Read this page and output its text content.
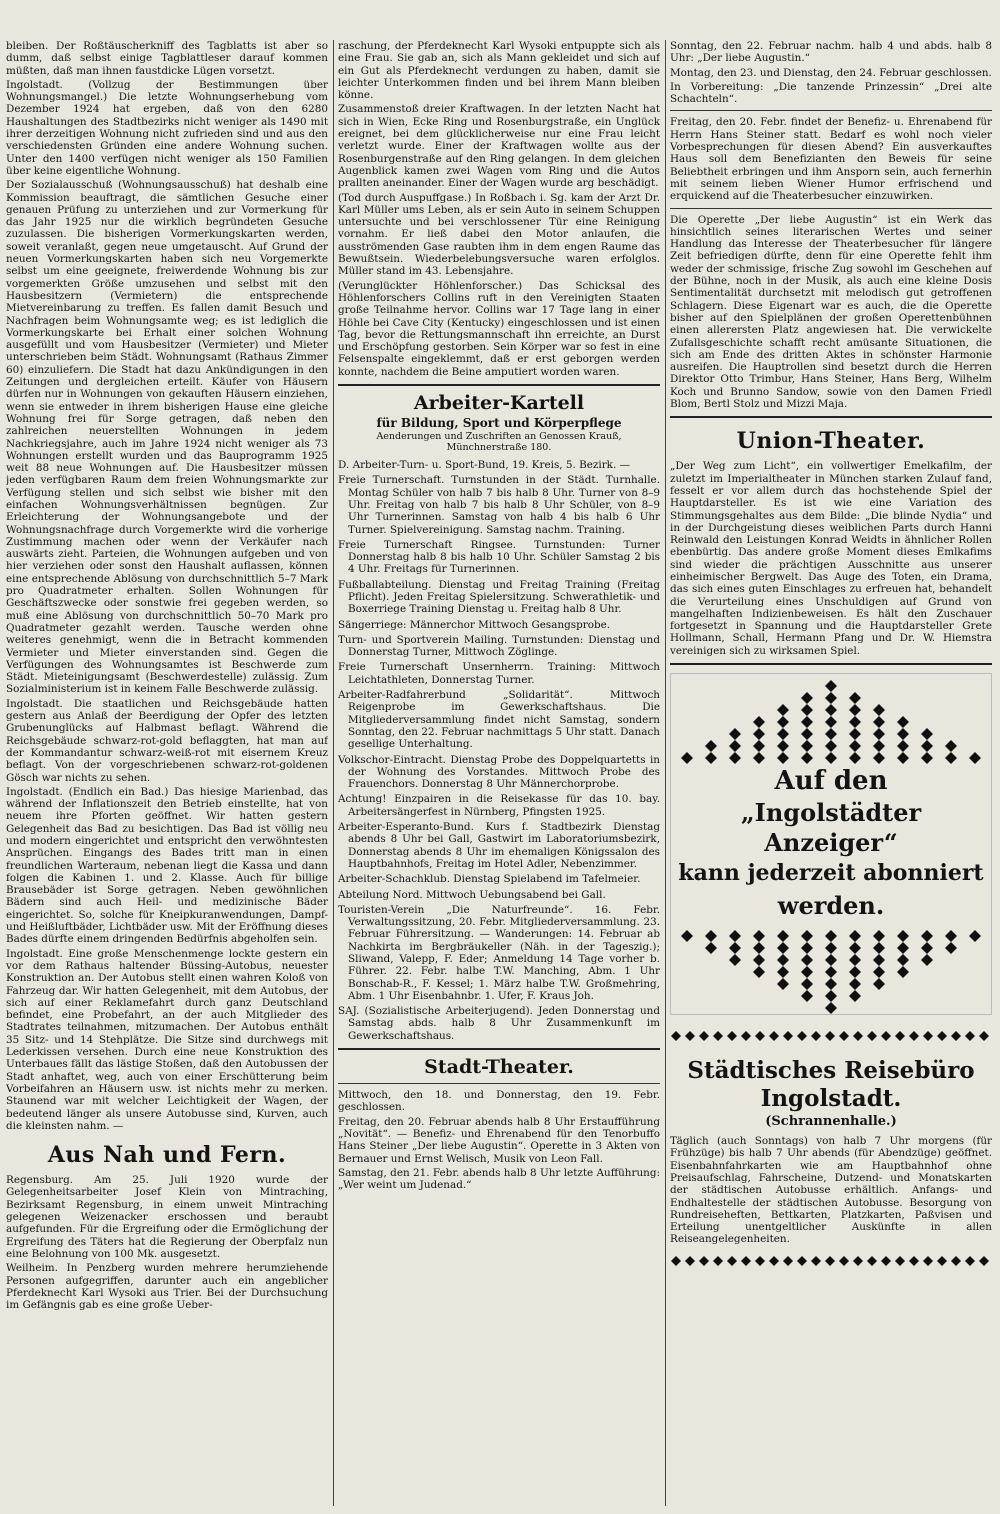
bleiben. Der Roßtäuscherkniff des Tagblatts ist aber so dumm, daß selbst einige Tagblattleser darauf kommen müßten, daß man ihnen faustdicke Lügen vorsetzt.

Ingolstadt. (Vollzug der Bestimmungen über Wohnungsmangel.) Die letzte Wohnungserhebung vom Dezember 1924 hat ergeben, daß von den 6280 Haushaltungen des Stadtbezirks nicht weniger als 1490 mit ihrer derzeitigen Wohnung nicht zufrieden sind und aus den verschiedensten Gründen eine andere Wohnung suchen. Unter den 1400 verfügen nicht weniger als 150 Familien über keine eigentliche Wohnung.

Der Sozialausschuß (Wohnungsausschuß) hat deshalb eine Kommission beauftragt, die sämtlichen Gesuche einer genauen Prüfung zu unterziehen und zur Vormerkung für das Jahr 1925 nur die wirklich begründeten Gesuche zuzulassen. Die bisherigen Vormerkungskarten werden, soweit veranlaßt, gegen neue umgetauscht. Auf Grund der neuen Vormerkungskarten haben sich neu Vorgemerkte selbst um eine geeignete, freiwerdende Wohnung bis zur vorgemerkten Größe umzusehen und selbst mit den Hausbesitzern (Vermietern) die entsprechende Mietvereinbarung zu treffen. Es fallen damit Besuch und Nachfragen beim Wohnungsamte weg; es ist lediglich die Vormerkungskarte bei Erhalt einer solchen Wohnung ausgefüllt und vom Hausbesitzer (Vermieter) und Mieter unterschrieben beim Städt. Wohnungsamt (Rathaus Zimmer 60) einzuliefern. Die Stadt hat dazu Ankündigungen in den Zeitungen und dergleichen erteilt. Käufer von Häusern dürfen nur in Wohnungen von gekauften Häusern einziehen, wenn sie entweder in ihrem bisherigen Hause eine gleiche Wohnung frei für Sorge getragen, daß neben den zahlreichen neuerstellten Wohnungen in jedem Nachkriegsjahre, auch im Jahre 1924 nicht weniger als 73 Wohnungen erstellt wurden und das Bauprogramm 1925 weit 88 neue Wohnungen auf. Die Hausbesitzer müssen jeden verfügbaren Raum dem freien Wohnungsmarkte zur Verfügung stellen und sich selbst wie bisher mit den einfachen Wohnungsverhältnissen begnügen. Zur Erleichterung der Wohnungsangebote und der Wohnungsnachfrage durch Vorgemerkte wird die vorherige Zustimmung machen oder wenn der Verkäufer nach auswärts zieht. Parteien, die Wohnungen aufgeben und von hier verziehen oder sonst den Haushalt auflassen, können eine entsprechende Ablösung von durchschnittlich 5–7 Mark pro Quadratmeter erhalten. Sollen Wohnungen für Geschäftszwecke oder sonstwie frei gegeben werden, so muß eine Ablösung von durchschnittlich 50–70 Mark pro Quadratmeter gezahlt werden. Tausche werden ohne weiteres genehmigt, wenn die in Betracht kommenden Vermieter und Mieter einverstanden sind. Gegen die Verfügungen des Wohnungsamtes ist Beschwerde zum Städt. Mieteinigungsamt (Beschwerdestelle) zulässig. Zum Sozialministerium ist in keinem Falle Beschwerde zulässig.

Ingolstadt. Die staatlichen und Reichsgebäude hatten gestern aus Anlaß der Beerdigung der Opfer des letzten Grubenunglücks auf Halbmast beflagt. Während die Reichsgebäude schwarz-rot-gold beflaggten, hat man auf der Kommandantur schwarz-weiß-rot mit eisernem Kreuz beflagt. Von der vorgeschriebenen schwarz-rot-goldenen Gösch war nichts zu sehen.

Ingolstadt. (Endlich ein Bad.) Das hiesige Marienbad, das während der Inflationszeit den Betrieb einstellte, hat von neuem ihre Pforten geöffnet. Wir hatten gestern Gelegenheit das Bad zu besichtigen. Das Bad ist völlig neu und modern eingerichtet und entspricht den verwöhntesten Ansprüchen. Eingangs des Bades tritt man in einen freundlichen Warteraum, nebenan liegt die Kassa und dann folgen die Kabinen 1. und 2. Klasse. Auch für billige Brausebäder ist Sorge getragen. Neben gewöhnlichen Bädern sind auch Heil- und medizinische Bäder eingerichtet. So, solche für Kneipkuranwendungen, Dampf- und Heißluftbäder, Lichtbäder usw. Mit der Eröffnung dieses Bades dürfte einem dringenden Bedürfnis abgeholfen sein.

Ingolstadt. Eine große Menschenmenge lockte gestern ein vor dem Rathaus haltender Büssing-Autobus, neuester Konstruktion an. Der Autobus stellt einen wahren Koloß von Fahrzeug dar. Wir hatten Gelegenheit, mit dem Autobus, der sich auf einer Reklamefahrt durch ganz Deutschland befindet, eine Probefahrt, an der auch Mitglieder des Stadtrates teilnahmen, mitzumachen. Der Autobus enthält 35 Sitz- und 14 Stehplätze. Die Sitze sind durchwegs mit Lederkissen versehen. Durch eine neue Konstruktion des Unterbaues fällt das lästige Stoßen, daß den Autobussen der Stadt anhaftet, weg, auch von einer Erschütterung beim Vorbeifahren an Häusern usw. ist nichts mehr zu merken. Staunend war mit welcher Leichtigkeit der Wagen, der bedeutend länger als unsere Autobusse sind, Kurven, auch die kleinsten nahm. —

Aus Nah und Fern.

Regensburg. Am 25. Juli 1920 wurde der Gelegenheitsarbeiter Josef Klein von Mintraching, Bezirksamt Regensburg, in einem unweit Mintraching gelegenen Weizenacker erschossen und beraubt aufgefunden. Für die Ergreifung oder die Ermöglichung der Ergreifung des Täters hat die Regierung der Oberpfalz nun eine Belohnung von 100 Mk. ausgesetzt.

Weilheim. In Penzberg wurden mehrere herumziehende Personen aufgegriffen, darunter auch ein angeblicher Pferdeknecht Karl Wysoki aus Trier. Bei der Durchsuchung im Gefängnis gab es eine große Ueber-

raschung, der Pferdeknecht Karl Wysoki entpuppte sich als eine Frau. Sie gab an, sich als Mann gekleidet und sich auf ein Gut als Pferdeknecht verdungen zu haben, damit sie leichter Unterkommen finden und bei ihrem Mann bleiben könne.

Zusammenstoß dreier Kraftwagen. In der letzten Nacht hat sich in Wien, Ecke Ring und Rosenburgstraße, ein Unglück ereignet, bei dem glücklicherweise nur eine Frau leicht verletzt wurde. Einer der Kraftwagen wollte aus der Rosenburgenstraße auf den Ring gelangen. In dem gleichen Augenblick kamen zwei Wagen vom Ring und die Autos prallten aneinander. Einer der Wagen wurde arg beschädigt.

(Tod durch Auspuffgase.) In Roßbach i. Sg. kam der Arzt Dr. Karl Müller ums Leben, als er sein Auto in seinem Schuppen untersuchte und bei verschlossener Tür eine Reinigung vornahm. Er ließ dabei den Motor anlaufen, die ausströmenden Gase raubten ihm in dem engen Raume das Bewußtsein. Wiederbelebungsversuche waren erfolglos. Müller stand im 43. Lebensjahre.

(Verunglückter Höhlenforscher.) Das Schicksal des Höhlenforschers Collins ruft in den Vereinigten Staaten große Teilnahme hervor. Collins war 17 Tage lang in einer Höhle bei Cave City (Kentucky) eingeschlossen und ist einen Tag, bevor die Rettungsmannschaft ihn erreichte, an Durst und Erschöpfung gestorben. Sein Körper war so fest in eine Felsenspalte eingeklemmt, daß er erst geborgen werden konnte, nachdem die Beine amputiert worden waren.

Arbeiter-Kartell
für Bildung, Sport und Körperpflege
Aenderungen und Zuschriften an Genossen Krauß, Münchnerstraße 180.

D. Arbeiter-Turn- u. Sport-Bund, 19. Kreis, 5. Bezirk. —

Freie Turnerschaft. Turnstunden in der Städt. Turnhalle. Montag Schüler von halb 7 bis halb 8 Uhr. Turner von 8–9 Uhr. Freitag von halb 7 bis halb 8 Uhr Schüler, von 8–9 Uhr Turnerinnen. Samstag von halb 4 bis halb 6 Uhr Turner. Spielvereinigung. Samstag nachm. Training.

Freie Turnerschaft Ringsee. Turnstunden: Turner Donnerstag halb 8 bis halb 10 Uhr. Schüler Samstag 2 bis 4 Uhr. Freitags für Turnerinnen.

Fußballabteilung. Dienstag und Freitag Training (Freitag Pflicht). Jeden Freitag Spielersitzung. Schwerathletik- und Boxerriege Training Dienstag u. Freitag halb 8 Uhr.

Sängerriege: Männerchor Mittwoch Gesangsprobe.

Turn- und Sportverein Mailing. Turnstunden: Dienstag und Donnerstag Turner, Mittwoch Zöglinge.

Freie Turnerschaft Unsernherrn. Training: Mittwoch Leichtathleten, Donnerstag Turner.

Arbeiter-Radfahrerbund „Solidarität“. Mittwoch Reigenprobe im Gewerkschaftshaus. Die Mitgliederversammlung findet nicht Samstag, sondern Sonntag, den 22. Februar nachmittags 5 Uhr statt. Danach gesellige Unterhaltung.

Volkschor-Eintracht. Dienstag Probe des Doppelquartetts in der Wohnung des Vorstandes. Mittwoch Probe des Frauenchors. Donnerstag 8 Uhr Männerchorprobe.

Achtung! Einzpairen in die Reisekasse für das 10. bay. Arbeitersängerfest in Nürnberg, Pfingsten 1925.

Arbeiter-Esperanto-Bund. Kurs f. Stadtbezirk Dienstag abends 8 Uhr bei Gall, Gastwirt im Laboratoriumsbezirk, Donnerstag abends 8 Uhr im ehemaligen Königssalon des Hauptbahnhofs, Freitag im Hotel Adler, Nebenzimmer.

Arbeiter-Schachklub. Dienstag Spielabend im Tafelmeier.

Abteilung Nord. Mittwoch Uebungsabend bei Gall.

Touristen-Verein „Die Naturfreunde“. 16. Febr. Verwaltungssitzung, 20. Febr. Mitgliederversammlung. 23. Februar Führersitzung. — Wanderungen: 14. Februar ab Nachkirta im Bergbräukeller (Näh. in der Tageszig.); Sliwand, Valepp, F. Eder; Anmeldung 14 Tage vorher b. Führer. 22. Febr. halbe T.W. Manching, Abm. 1 Uhr Bonschab-R., F. Kessel; 1. März halbe T.W. Großmehring, Abm. 1 Uhr Eisenbahnbr. 1. Ufer, F. Kraus Joh.

SAJ. (Sozialistische Arbeiterjugend). Jeden Donnerstag und Samstag abds. halb 8 Uhr Zusammenkunft im Gewerkschaftshaus.

Stadt-Theater.

Mittwoch, den 18. und Donnerstag, den 19. Febr. geschlossen.

Freitag, den 20. Februar abends halb 8 Uhr Erstaufführung „Novität“. — Benefiz- und Ehrenabend für den Tenorbuffo Hans Steiner „Der liebe Augustin“. Operette in 3 Akten von Bernauer und Ernst Welisch, Musik von Leon Fall.

Samstag, den 21. Febr. abends halb 8 Uhr letzte Aufführung: „Wer weint um Judenad.“

Sonntag, den 22. Februar nachm. halb 4 und abds. halb 8 Uhr: „Der liebe Augustin.“

Montag, den 23. und Dienstag, den 24. Februar geschlossen.

In Vorbereitung: „Die tanzende Prinzessin“ „Drei alte Schachteln“.

Freitag, den 20. Febr. findet der Benefiz- u. Ehrenabend für Herrn Hans Steiner statt. Bedarf es wohl noch vieler Vorbesprechungen für diesen Abend? Ein ausverkauftes Haus soll dem Benefizianten den Beweis für seine Beliebtheit erbringen und ihm Ansporn sein, auch fernerhin mit seinem lieben Wiener Humor erfrischend und erquickend auf die Theaterbesucher einzuwirken.

Die Operette „Der liebe Augustin“ ist ein Werk das hinsichtlich seines literarischen Wertes und seiner Handlung das Interesse der Theaterbesucher für längere Zeit befriedigen dürfte, denn für eine Operette fehlt ihm weder der schmissige, frische Zug sowohl im Geschehen auf der Bühne, noch in der Musik, als auch eine kleine Dosis Sentimentalität durchsetzt mit melodisch gut getroffenen Schlagern. Diese Eigenart war es auch, die die Operette bisher auf den Spielplänen der großen Operettenbühnen einen allerersten Platz angewiesen hat. Die verwickelte Zufallsgeschichte schafft recht amüsante Situationen, die sich am Ende des dritten Aktes in schönster Harmonie ausreifen. Die Hauptrollen sind besetzt durch die Herren Direktor Otto Trimbur, Hans Steiner, Hans Berg, Wilhelm Koch und Brunno Sandow, sowie von den Damen Friedl Blom, Bertl Stolz und Mizzi Maja.

Union-Theater.

„Der Weg zum Licht“, ein vollwertiger Emelkafilm, der zuletzt im Imperialtheater in München starken Zulauf fand, fesselt er vor allem durch das hochstehende Spiel der Hauptdarsteller. Es ist wie eine Variation des Stimmungsgehaltes aus dem Bilde: „Die blinde Nydia“ und in der Durchgeistung dieses weiblichen Parts durch Hanni Reinwald den Leistungen Konrad Weidts in ähnlicher Rollen ebenbürtig. Das andere große Moment dieses Emlkafims sind wieder die prächtigen Ausschnitte aus unserer einheimischer Bergwelt. Das Auge des Toten, ein Drama, das sich eines guten Einschlages zu erfreuen hat, behandelt die Verurteilung eines Unschuldigen auf Grund von mangelhaften Indizienbeweisen. Es hält den Zuschauer fortgesetzt in Spannung und die Hauptdarsteller Grete Hollmann, Schall, Hermann Pfang und Dr. W. Hiemstra vereinigen sich zu wirksamen Spiel.

Auf den
„Ingolstädter Anzeiger“
kann jederzeit abonniert
werden.
Städtisches Reisebüro Ingolstadt.
(Schrannenhalle.)

Täglich (auch Sonntags) von halb 7 Uhr morgens (für Frühzüge) bis halb 7 Uhr abends (für Abendzüge) geöffnet. Eisenbahnfahrkarten wie am Hauptbahnhof ohne Preisaufschlag, Fahrscheine, Dutzend- und Monatskarten der städtischen Autobusse erhältlich. Anfangs- und Endhaltestelle der städtischen Autobusse. Besorgung von Rundreiseheften, Bettkarten, Platzkarten, Paßvisen und Erteilung unentgeltlicher Auskünfte in allen Reiseangelegenheiten.
